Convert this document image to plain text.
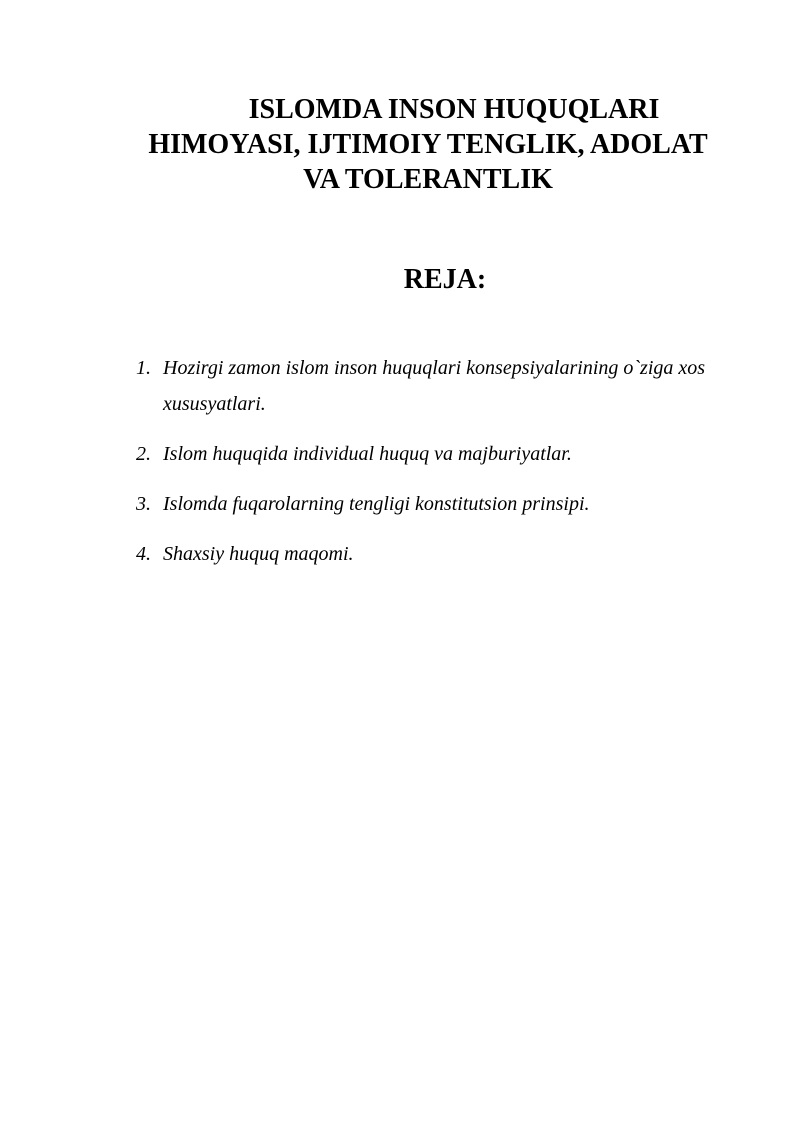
ISLOMDA INSON HUQUQLARI
HIMOYASI, IJTIMOIY TENGLIK, ADOLAT
VA TOLERANTLIK
REJA:
1. Hozirgi zamon islom inson huquqlari konsepsiyalarining o`ziga xos xususyatlari.
2. Islom huquqida individual huquq va majburiyatlar.
3. Islomda fuqarolarning tengligi konstitutsion prinsipi.
4. Shaxsiy huquq maqomi.
